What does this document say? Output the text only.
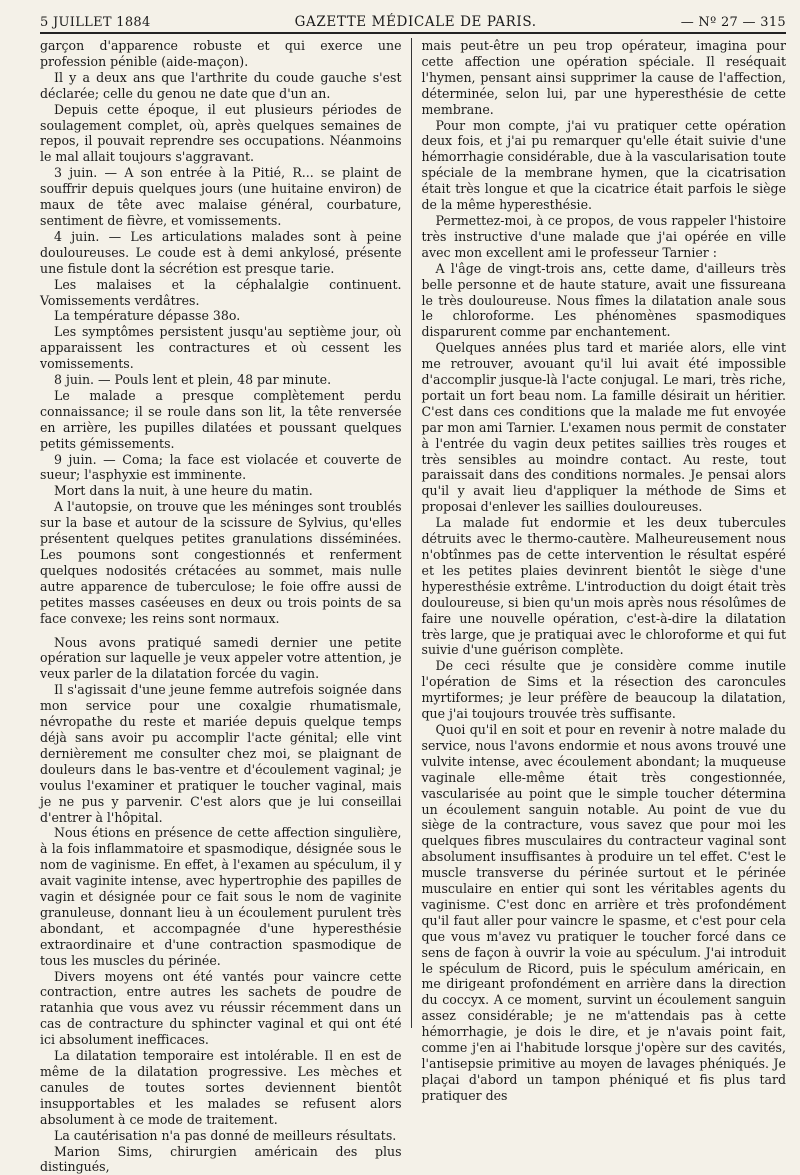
5 JUILLET 1884	GAZETTE MÉDICALE DE PARIS.	— Nº 27 — 315

garçon d'apparence robuste et qui exerce une profession pénible (aide-maçon).

Il y a deux ans que l'arthrite du coude gauche s'est déclarée; celle du genou ne date que d'un an.

Depuis cette époque, il eut plusieurs périodes de soulagement complet, où, après quelques semaines de repos, il pouvait reprendre ses occupations. Néanmoins le mal allait toujours s'aggravant.

3 juin. — A son entrée à la Pitié, R... se plaint de souffrir depuis quelques jours (une huitaine environ) de maux de tête avec malaise général, courbature, sentiment de fièvre, et vomissements.

4 juin. — Les articulations malades sont à peine douloureuses. Le coude est à demi ankylosé, présente une fistule dont la sécrétion est presque tarie.

Les malaises et la céphalalgie continuent. Vomissements verdâtres.

La température dépasse 38o.

Les symptômes persistent jusqu'au septième jour, où apparaissent les contractures et où cessent les vomissements.

8 juin. — Pouls lent et plein, 48 par minute.

Le malade a presque complètement perdu connaissance; il se roule dans son lit, la tête renversée en arrière, les pupilles dilatées et poussant quelques petits gémissements.

9 juin. — Coma; la face est violacée et couverte de sueur; l'asphyxie est imminente.

Mort dans la nuit, à une heure du matin.

A l'autopsie, on trouve que les méninges sont troublés sur la base et autour de la scissure de Sylvius, qu'elles présentent quelques petites granulations disséminées. Les poumons sont congestionnés et renferment quelques nodosités crétacées au sommet, mais nulle autre apparence de tuberculose; le foie offre aussi de petites masses caséeuses en deux ou trois points de sa face convexe; les reins sont normaux.

Nous avons pratiqué samedi dernier une petite opération sur laquelle je veux appeler votre attention, je veux parler de la dilatation forcée du vagin.

Il s'agissait d'une jeune femme autrefois soignée dans mon service pour une coxalgie rhumatismale, névropathe du reste et mariée depuis quelque temps déjà sans avoir pu accomplir l'acte génital; elle vint dernièrement me consulter chez moi, se plaignant de douleurs dans le bas-ventre et d'écoulement vaginal; je voulus l'examiner et pratiquer le toucher vaginal, mais je ne pus y parvenir. C'est alors que je lui conseillai d'entrer à l'hôpital.

Nous étions en présence de cette affection singulière, à la fois inflammatoire et spasmodique, désignée sous le nom de vaginisme. En effet, à l'examen au spéculum, il y avait vaginite intense, avec hypertrophie des papilles de vagin et désignée pour ce fait sous le nom de vaginite granuleuse, donnant lieu à un écoulement purulent très abondant, et accompagnée d'une hyperesthésie extraordinaire et d'une contraction spasmodique de tous les muscles du périnée.

Divers moyens ont été vantés pour vaincre cette contraction, entre autres les sachets de poudre de ratanhia que vous avez vu réussir récemment dans un cas de contracture du sphincter vaginal et qui ont été ici absolument inefficaces.

La dilatation temporaire est intolérable. Il en est de même de la dilatation progressive. Les mèches et canules de toutes sortes deviennent bientôt insupportables et les malades se refusent alors absolument à ce mode de traitement.

La cautérisation n'a pas donné de meilleurs résultats.

Marion Sims, chirurgien américain des plus distingués,

mais peut-être un peu trop opérateur, imagina pour cette affection une opération spéciale. Il reséquait l'hymen, pensant ainsi supprimer la cause de l'affection, déterminée, selon lui, par une hyperesthésie de cette membrane.

Pour mon compte, j'ai vu pratiquer cette opération deux fois, et j'ai pu remarquer qu'elle était suivie d'une hémorrhagie considérable, due à la vascularisation toute spéciale de la membrane hymen, que la cicatrisation était très longue et que la cicatrice était parfois le siège de la même hyperesthésie.

Permettez-moi, à ce propos, de vous rappeler l'histoire très instructive d'une malade que j'ai opérée en ville avec mon excellent ami le professeur Tarnier :

A l'âge de vingt-trois ans, cette dame, d'ailleurs très belle personne et de haute stature, avait une fissureana le très douloureuse. Nous fîmes la dilatation anale sous le chloroforme. Les phénomènes spasmodiques disparurent comme par enchantement.

Quelques années plus tard et mariée alors, elle vint me retrouver, avouant qu'il lui avait été impossible d'accomplir jusque-là l'acte conjugal. Le mari, très riche, portait un fort beau nom. La famille désirait un héritier. C'est dans ces conditions que la malade me fut envoyée par mon ami Tarnier. L'examen nous permit de constater à l'entrée du vagin deux petites saillies très rouges et très sensibles au moindre contact. Au reste, tout paraissait dans des conditions normales. Je pensai alors qu'il y avait lieu d'appliquer la méthode de Sims et proposai d'enlever les saillies douloureuses.

La malade fut endormie et les deux tubercules détruits avec le thermo-cautère. Malheureusement nous n'obtînmes pas de cette intervention le résultat espéré et les petites plaies devinrent bientôt le siège d'une hyperesthésie extrême. L'introduction du doigt était très douloureuse, si bien qu'un mois après nous résolûmes de faire une nouvelle opération, c'est-à-dire la dilatation très large, que je pratiquai avec le chloroforme et qui fut suivie d'une guérison complète.

De ceci résulte que je considère comme inutile l'opération de Sims et la résection des caroncules myrtiformes; je leur préfère de beaucoup la dilatation, que j'ai toujours trouvée très suffisante.

Quoi qu'il en soit et pour en revenir à notre malade du service, nous l'avons endormie et nous avons trouvé une vulvite intense, avec écoulement abondant; la muqueuse vaginale elle-même était très congestionnée, vascularisée au point que le simple toucher détermina un écoulement sanguin notable. Au point de vue du siège de la contracture, vous savez que pour moi les quelques fibres musculaires du contracteur vaginal sont absolument insuffisantes à produire un tel effet. C'est le muscle transverse du périnée surtout et le périnée musculaire en entier qui sont les véritables agents du vaginisme. C'est donc en arrière et très profondément qu'il faut aller pour vaincre le spasme, et c'est pour cela que vous m'avez vu pratiquer le toucher forcé dans ce sens de façon à ouvrir la voie au spéculum. J'ai introduit le spéculum de Ricord, puis le spéculum américain, en me dirigeant profondément en arrière dans la direction du coccyx. A ce moment, survint un écoulement sanguin assez considérable; je ne m'attendais pas à cette hémorrhagie, je dois le dire, et je n'avais point fait, comme j'en ai l'habitude lorsque j'opère sur des cavités, l'antisepsie primitive au moyen de lavages phéniqués. Je plaçai d'abord un tampon phéniqué et fis plus tard pratiquer des
